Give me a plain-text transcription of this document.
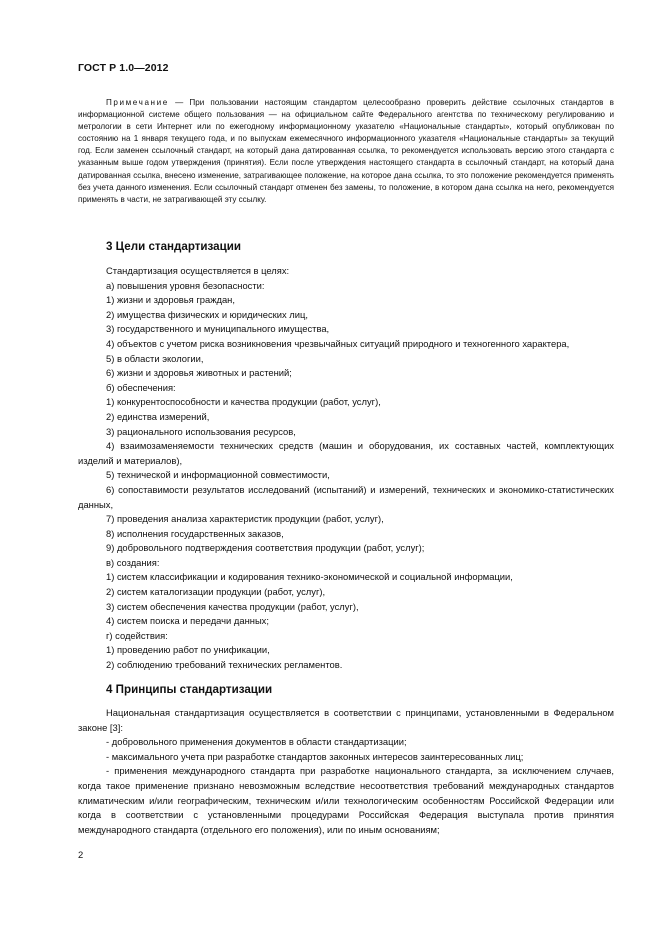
ГОСТ Р 1.0—2012

Примечание — При пользовании настоящим стандартом целесообразно проверить действие ссылочных стандартов в информационной системе общего пользования — на официальном сайте Федерального агентства по техническому регулированию и метрологии в сети Интернет или по ежегодному информационному указателю «Национальные стандарты», который опубликован по состоянию на 1 января текущего года, и по выпускам ежемесячного информационного указателя «Национальные стандарты» за текущий год. Если заменен ссылочный стандарт, на который дана датированная ссылка, то рекомендуется использовать версию этого стандарта с указанным выше годом утверждения (принятия). Если после утверждения настоящего стандарта в ссылочный стандарт, на который дана датированная ссылка, внесено изменение, затрагивающее положение, на которое дана ссылка, то это положение рекомендуется применять без учета данного изменения. Если ссылочный стандарт отменен без замены, то положение, в котором дана ссылка на него, рекомендуется применять в части, не затрагивающей эту ссылку.

3 Цели стандартизации

Стандартизация осуществляется в целях:

а) повышения уровня безопасности:

1) жизни и здоровья граждан,

2) имущества физических и юридических лиц,

3) государственного и муниципального имущества,

4) объектов с учетом риска возникновения чрезвычайных ситуаций природного и техногенного характера,

5) в области экологии,

6) жизни и здоровья животных и растений;

б) обеспечения:

1) конкурентоспособности и качества продукции (работ, услуг),

2) единства измерений,

3) рационального использования ресурсов,

4) взаимозаменяемости технических средств (машин и оборудования, их составных частей, комплектующих изделий и материалов),

5) технической и информационной совместимости,

6) сопоставимости результатов исследований (испытаний) и измерений, технических и экономико-статистических данных,

7) проведения анализа характеристик продукции (работ, услуг),

8) исполнения государственных заказов,

9) добровольного подтверждения соответствия продукции (работ, услуг);

в) создания:

1) систем классификации и кодирования технико-экономической и социальной информации,

2) систем каталогизации продукции (работ, услуг),

3) систем обеспечения качества продукции (работ, услуг),

4) систем поиска и передачи данных;

г) содействия:

1) проведению работ по унификации,

2) соблюдению требований технических регламентов.

4 Принципы стандартизации

Национальная стандартизация осуществляется в соответствии с принципами, установленными в Федеральном законе [3]:

- добровольного применения документов в области стандартизации;

- максимального учета при разработке стандартов законных интересов заинтересованных лиц;

- применения международного стандарта при разработке национального стандарта, за исключением случаев, когда такое применение признано невозможным вследствие несоответствия требований международных стандартов климатическим и/или географическим, техническим и/или технологическим особенностям Российской Федерации или когда в соответствии с установленными процедурами Российская Федерация выступала против принятия международного стандарта (отдельного его положения), или по иным основаниям;

2
